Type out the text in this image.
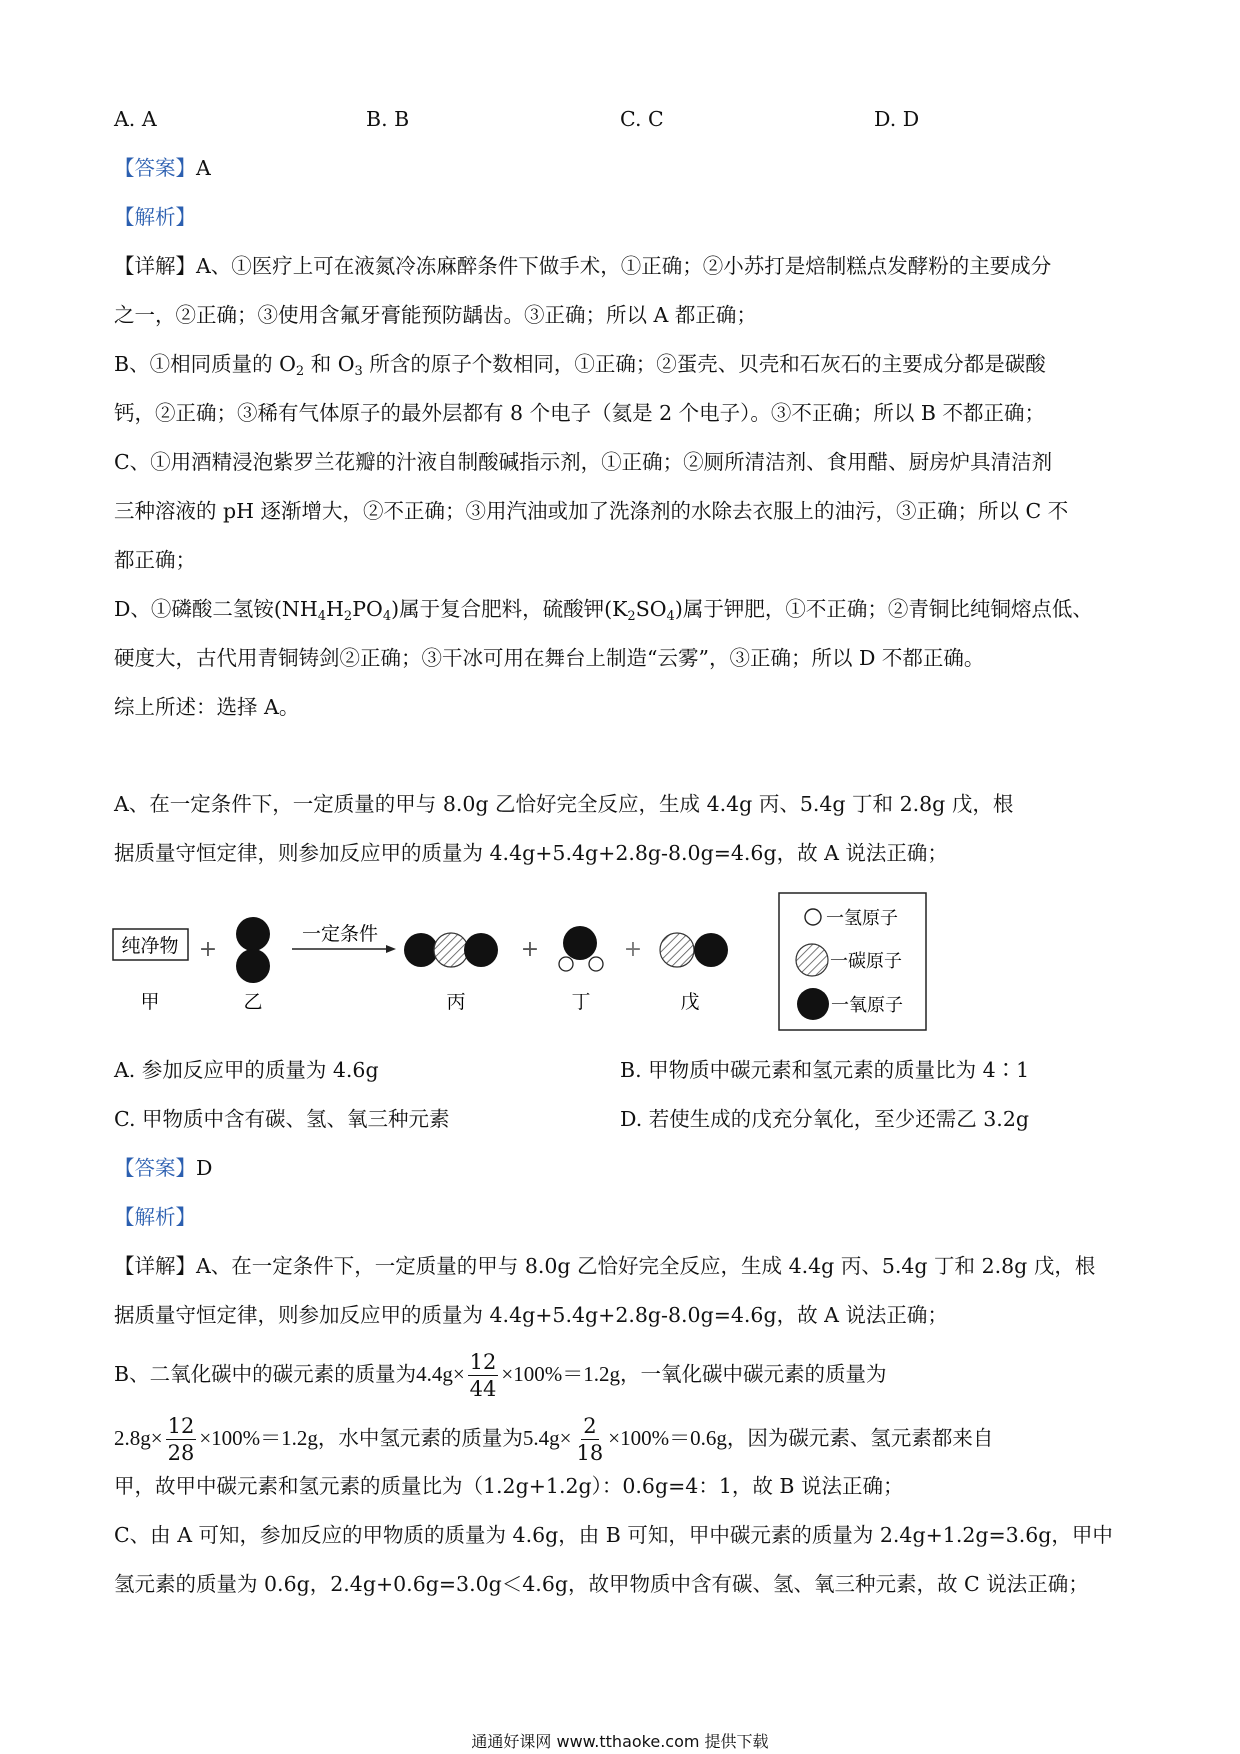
A. A	B. B	C. C	D. D
【答案】A
【解析】
【详解】A、①医疗上可在液氮冷冻麻醉条件下做手术，①正确；②小苏打是焙制糕点发酵粉的主要成分
之一，②正确；③使用含氟牙膏能预防龋齿。③正确；所以 A 都正确；
B、①相同质量的 $O_2$ 和 $O_3$ 所含的原子个数相同，①正确；②蛋壳、贝壳和石灰石的主要成分都是碳酸
钙，②正确；③稀有气体原子的最外层都有 8 个电子（氦是 2 个电子）。③不正确；所以 B 不都正确；
C、①用酒精浸泡紫罗兰花瓣的汁液自制酸碱指示剂，①正确；②厕所清洁剂、食用醋、厨房炉具清洁剂
三种溶液的 pH 逐渐增大，②不正确；③用汽油或加了洗涤剂的水除去衣服上的油污，③正确；所以 C 不
都正确；
D、①磷酸二氢铵$(NH_4H_2PO_4)$属于复合肥料，硫酸钾$(K_2SO_4)$属于钾肥，①不正确；②青铜比纯铜熔点低、
硬度大，古代用青铜铸剑②正确；③干冰可用在舞台上制造“云雾”，③正确；所以 D 不都正确。
综上所述：选择 A。
A、在一定条件下，一定质量的甲与 8.0g 乙恰好完全反应，生成 4.4g 丙、5.4g 丁和 2.8g 戊，根
据质量守恒定律，则参加反应甲的质量为 4.4g+5.4g+2.8g-8.0g=4.6g，故 A 说法正确；
纯净物 +
一定条件
+	+
甲	乙	丙	丁	戊
一氢原子
一碳原子
一氧原子
A. 参加反应甲的质量为 4.6g	B. 甲物质中碳元素和氢元素的质量比为 4∶1
C. 甲物质中含有碳、氢、氧三种元素	D. 若使生成的戊充分氧化，至少还需乙 3.2g
【答案】D
【解析】
【详解】A、在一定条件下，一定质量的甲与 8.0g 乙恰好完全反应，生成 4.4g 丙、5.4g 丁和 2.8g 戊，根
据质量守恒定律，则参加反应甲的质量为 4.4g+5.4g+2.8g-8.0g=4.6g，故 A 说法正确；
B、二氧化碳中的碳元素的质量为$4.4g\times \frac{12}{44} \times 100\%=1.2g$，一氧化碳中碳元素的质量为
$2.8g\times \frac{12}{28} \times 100\%=1.2g$，水中氢元素的质量为$5.4g\times \frac{2}{18} \times 100\%=0.6g$，因为碳元素、氢元素都来自
甲，故甲中碳元素和氢元素的质量比为（1.2g+1.2g）：0.6g=4：1，故 B 说法正确；
C、由 A 可知，参加反应的甲物质的质量为 4.6g，由 B 可知，甲中碳元素的质量为 2.4g+1.2g=3.6g，甲中
氢元素的质量为 0.6g，2.4g+0.6g=3.0g＜4.6g，故甲物质中含有碳、氢、氧三种元素，故 C 说法正确；
通通好课网 www.tthaoke.com 提供下载
